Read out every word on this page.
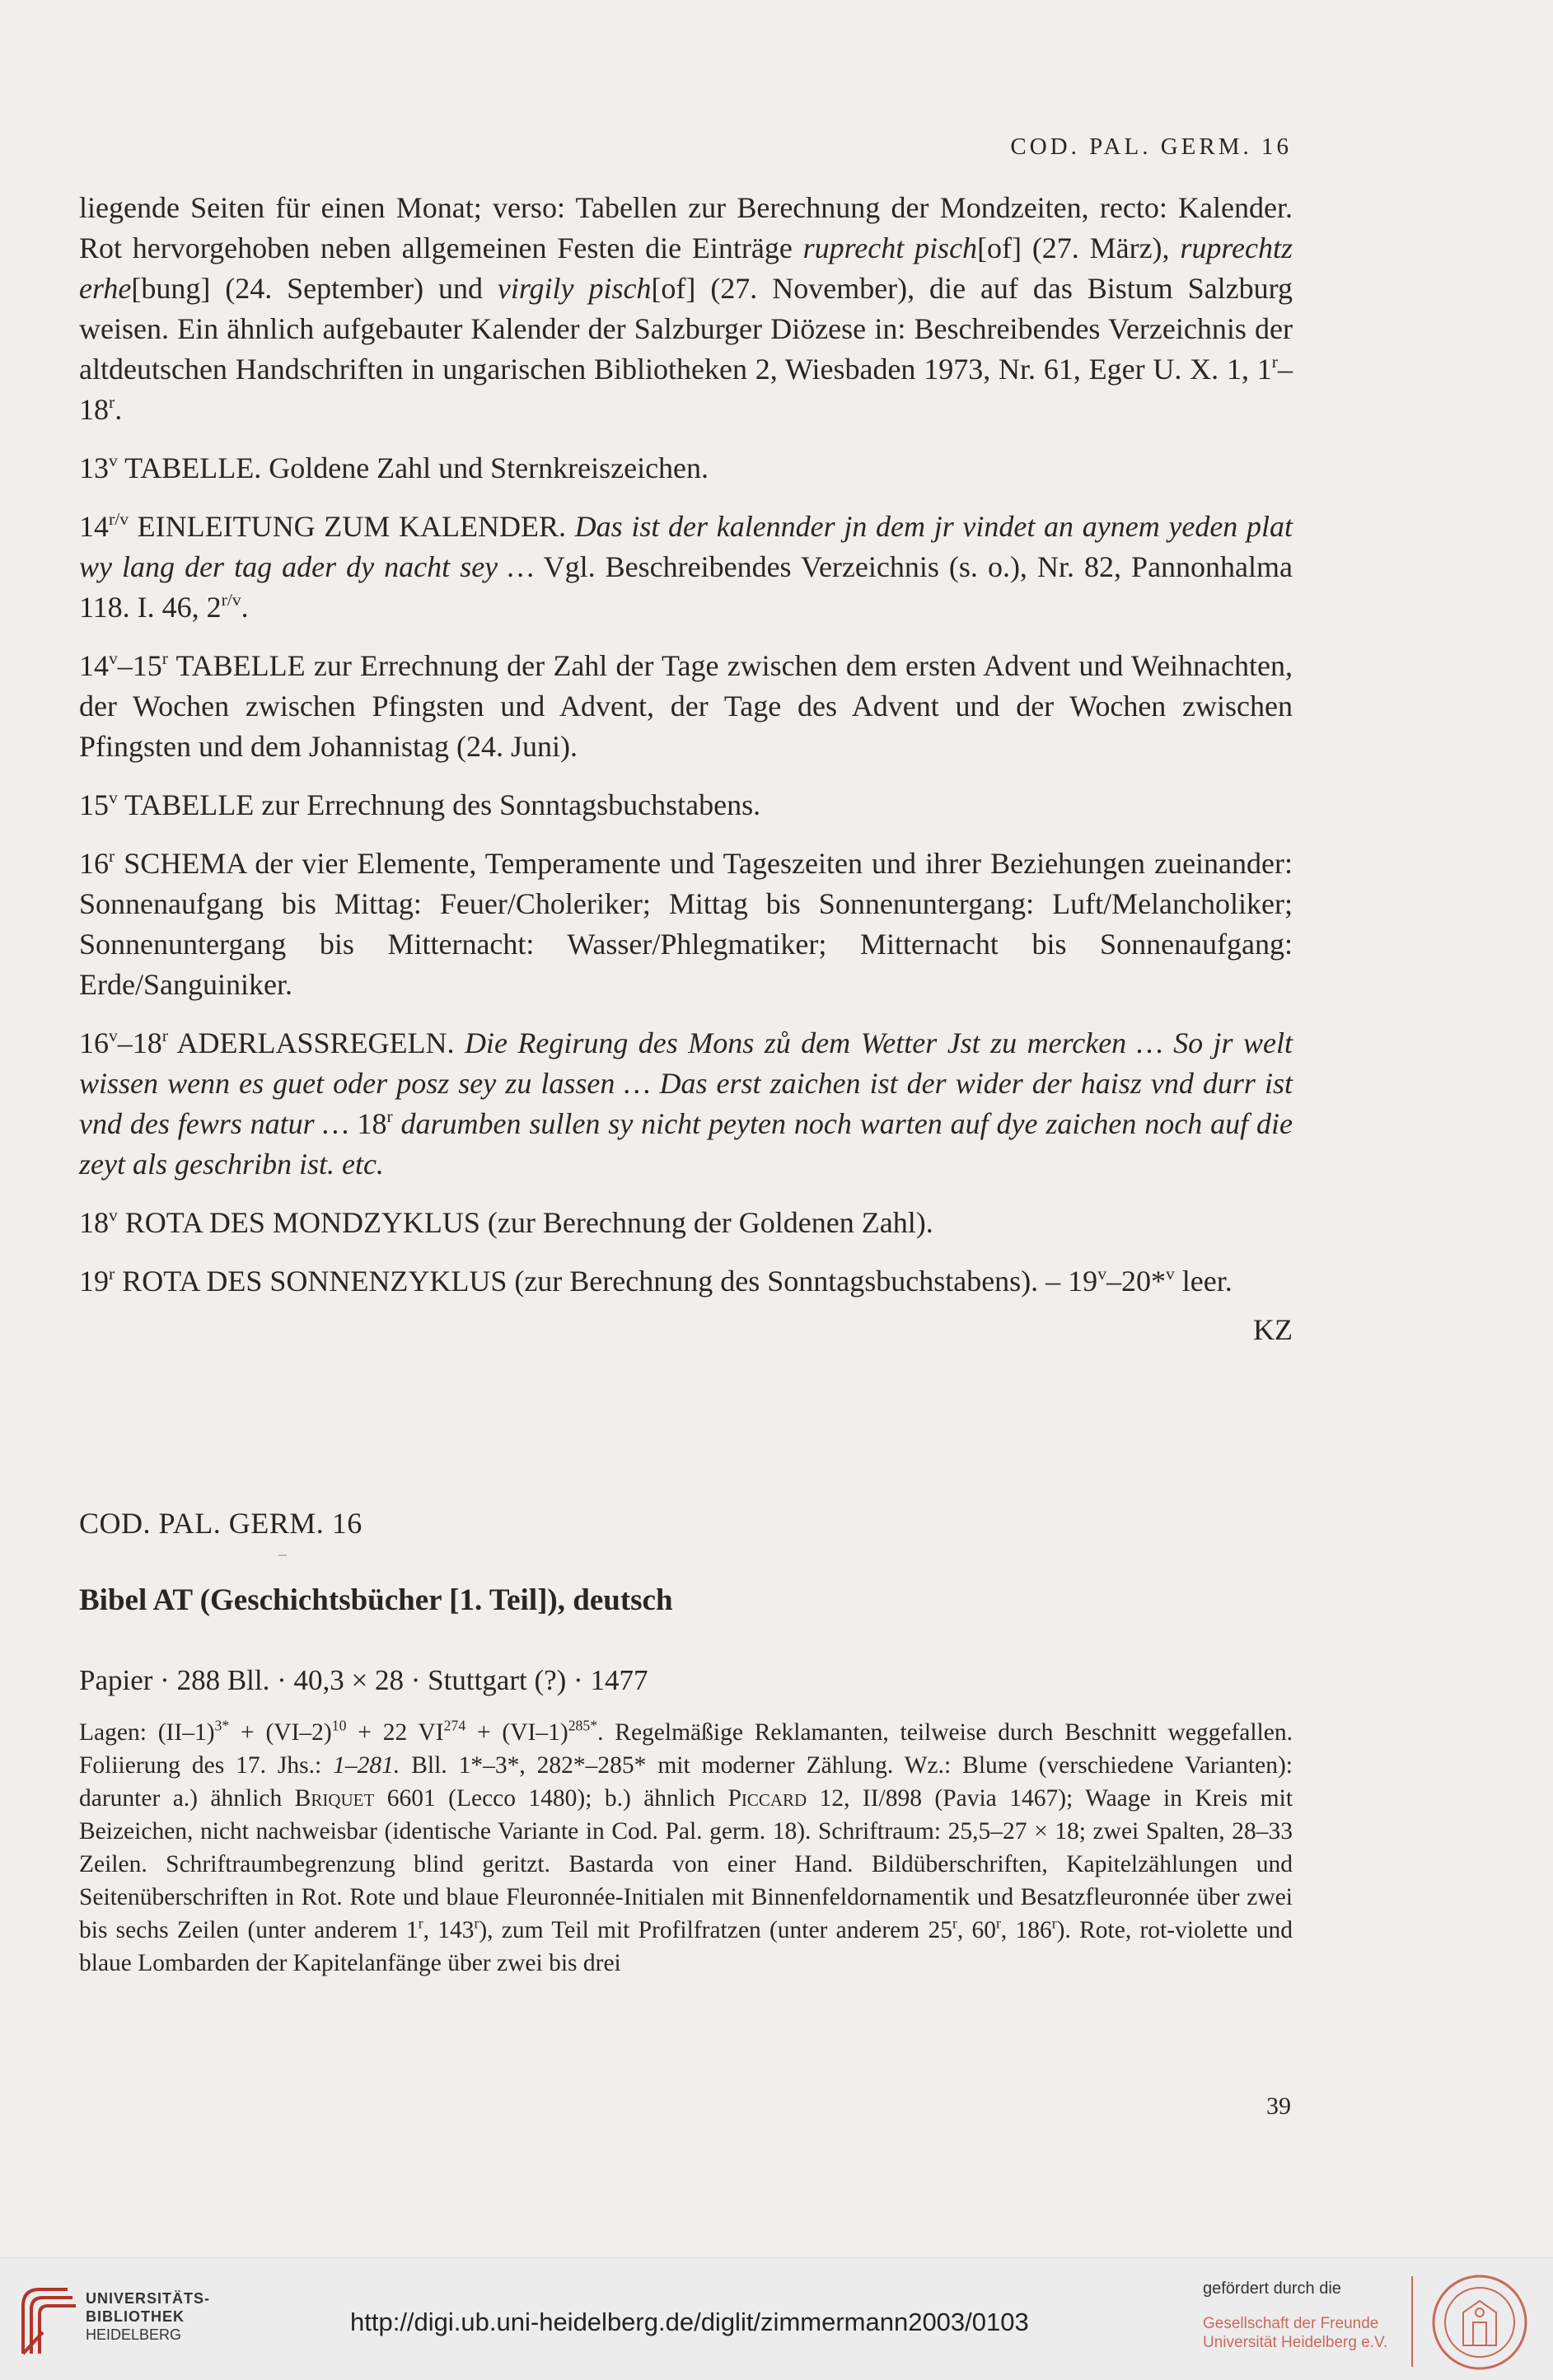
COD. PAL. GERM. 16

liegende Seiten für einen Monat; verso: Tabellen zur Berechnung der Mondzeiten, recto: Kalender. Rot hervorgehoben neben allgemeinen Festen die Einträge ruprecht pisch[of] (27. März), ruprechtz erhe[bung] (24. September) und virgily pisch[of] (27. November), die auf das Bistum Salzburg weisen. Ein ähnlich aufgebauter Kalender der Salzburger Diözese in: Beschreibendes Verzeichnis der altdeutschen Handschriften in ungarischen Bibliotheken 2, Wiesbaden 1973, Nr. 61, Eger U. X. 1, 1$^r$–18$^r$.

13$^v$ TABELLE. Goldene Zahl und Sternkreiszeichen.

$14^{r/v}$ EINLEITUNG ZUM KALENDER. Das ist der kalennder jn dem jr vindet an aynem yeden plat wy lang der tag ader dy nacht sey … Vgl. Beschreibendes Verzeichnis (s. o.), Nr. 82, Pannonhalma 118. I. 46, $2^{r/v}$.

14$^v$–15$^r$ TABELLE zur Errechnung der Zahl der Tage zwischen dem ersten Advent und Weihnachten, der Wochen zwischen Pfingsten und Advent, der Tage des Advent und der Wochen zwischen Pfingsten und dem Johannistag (24. Juni).

15$^v$ TABELLE zur Errechnung des Sonntagsbuchstabens.

16$^r$ SCHEMA der vier Elemente, Temperamente und Tageszeiten und ihrer Beziehungen zueinander: Sonnenaufgang bis Mittag: Feuer/Choleriker; Mittag bis Sonnenuntergang: Luft/Melancholiker; Sonnenuntergang bis Mitternacht: Wasser/Phlegmatiker; Mitternacht bis Sonnenaufgang: Erde/Sanguiniker.

16$^v$–18$^r$ ADERLASSREGELN. Die Regirung des Mons zů dem Wetter Jst zu mercken … So jr welt wissen wenn es guet oder posz sey zu lassen … Das erst zaichen ist der wider der haisz vnd durr ist vnd des fewrs natur … 18$^r$ darumben sullen sy nicht peyten noch warten auf dye zaichen noch auf die zeyt als geschribn ist. etc.

18$^v$ ROTA DES MONDZYKLUS (zur Berechnung der Goldenen Zahl).

19$^r$ ROTA DES SONNENZYKLUS (zur Berechnung des Sonntagsbuchstabens). – 19$^v$–20*$^v$ leer.

KZ
COD. PAL. GERM. 16
Bibel AT (Geschichtsbücher [1. Teil]), deutsch
Papier · 288 Bll. · 40,3 × 28 · Stuttgart (?) · 1477
Lagen: $(II-1)^{3*} + (VI-2)^{10} + 22$ $VI^{274} + (VI-1)^{285*}$. Regelmäßige Reklamanten, teilweise durch Beschnitt weggefallen. Foliierung des 17. Jhs.: 1–281. Bll. 1*–3*, 282*–285* mit moderner Zählung. Wz.: Blume (verschiedene Varianten): darunter a.) ähnlich Briquet 6601 (Lecco 1480); b.) ähnlich Piccard 12, II/898 (Pavia 1467); Waage in Kreis mit Beizeichen, nicht nachweisbar (identische Variante in Cod. Pal. germ. 18). Schriftraum: 25,5–27 × 18; zwei Spalten, 28–33 Zeilen. Schriftraumbegrenzung blind geritzt. Bastarda von einer Hand. Bildüberschriften, Kapitelzählungen und Seitenüberschriften in Rot. Rote und blaue Fleuronnée-Initialen mit Binnenfeldornamentik und Besatzfleuronnée über zwei bis sechs Zeilen (unter anderem 1$^r$, 143$^r$), zum Teil mit Profilfratzen (unter anderem 25$^r$, 60$^r$, 186$^r$). Rote, rot-violette und blaue Lombarden der Kapitelanfänge über zwei bis drei
39
UNIVERSITÄTS-
BIBLIOTHEK
HEIDELBERG	http://digi.ub.uni-heidelberg.de/diglit/zimmermann2003/0103
gefördert durch die
Gesellschaft der Freunde
Universität Heidelberg e.V.
